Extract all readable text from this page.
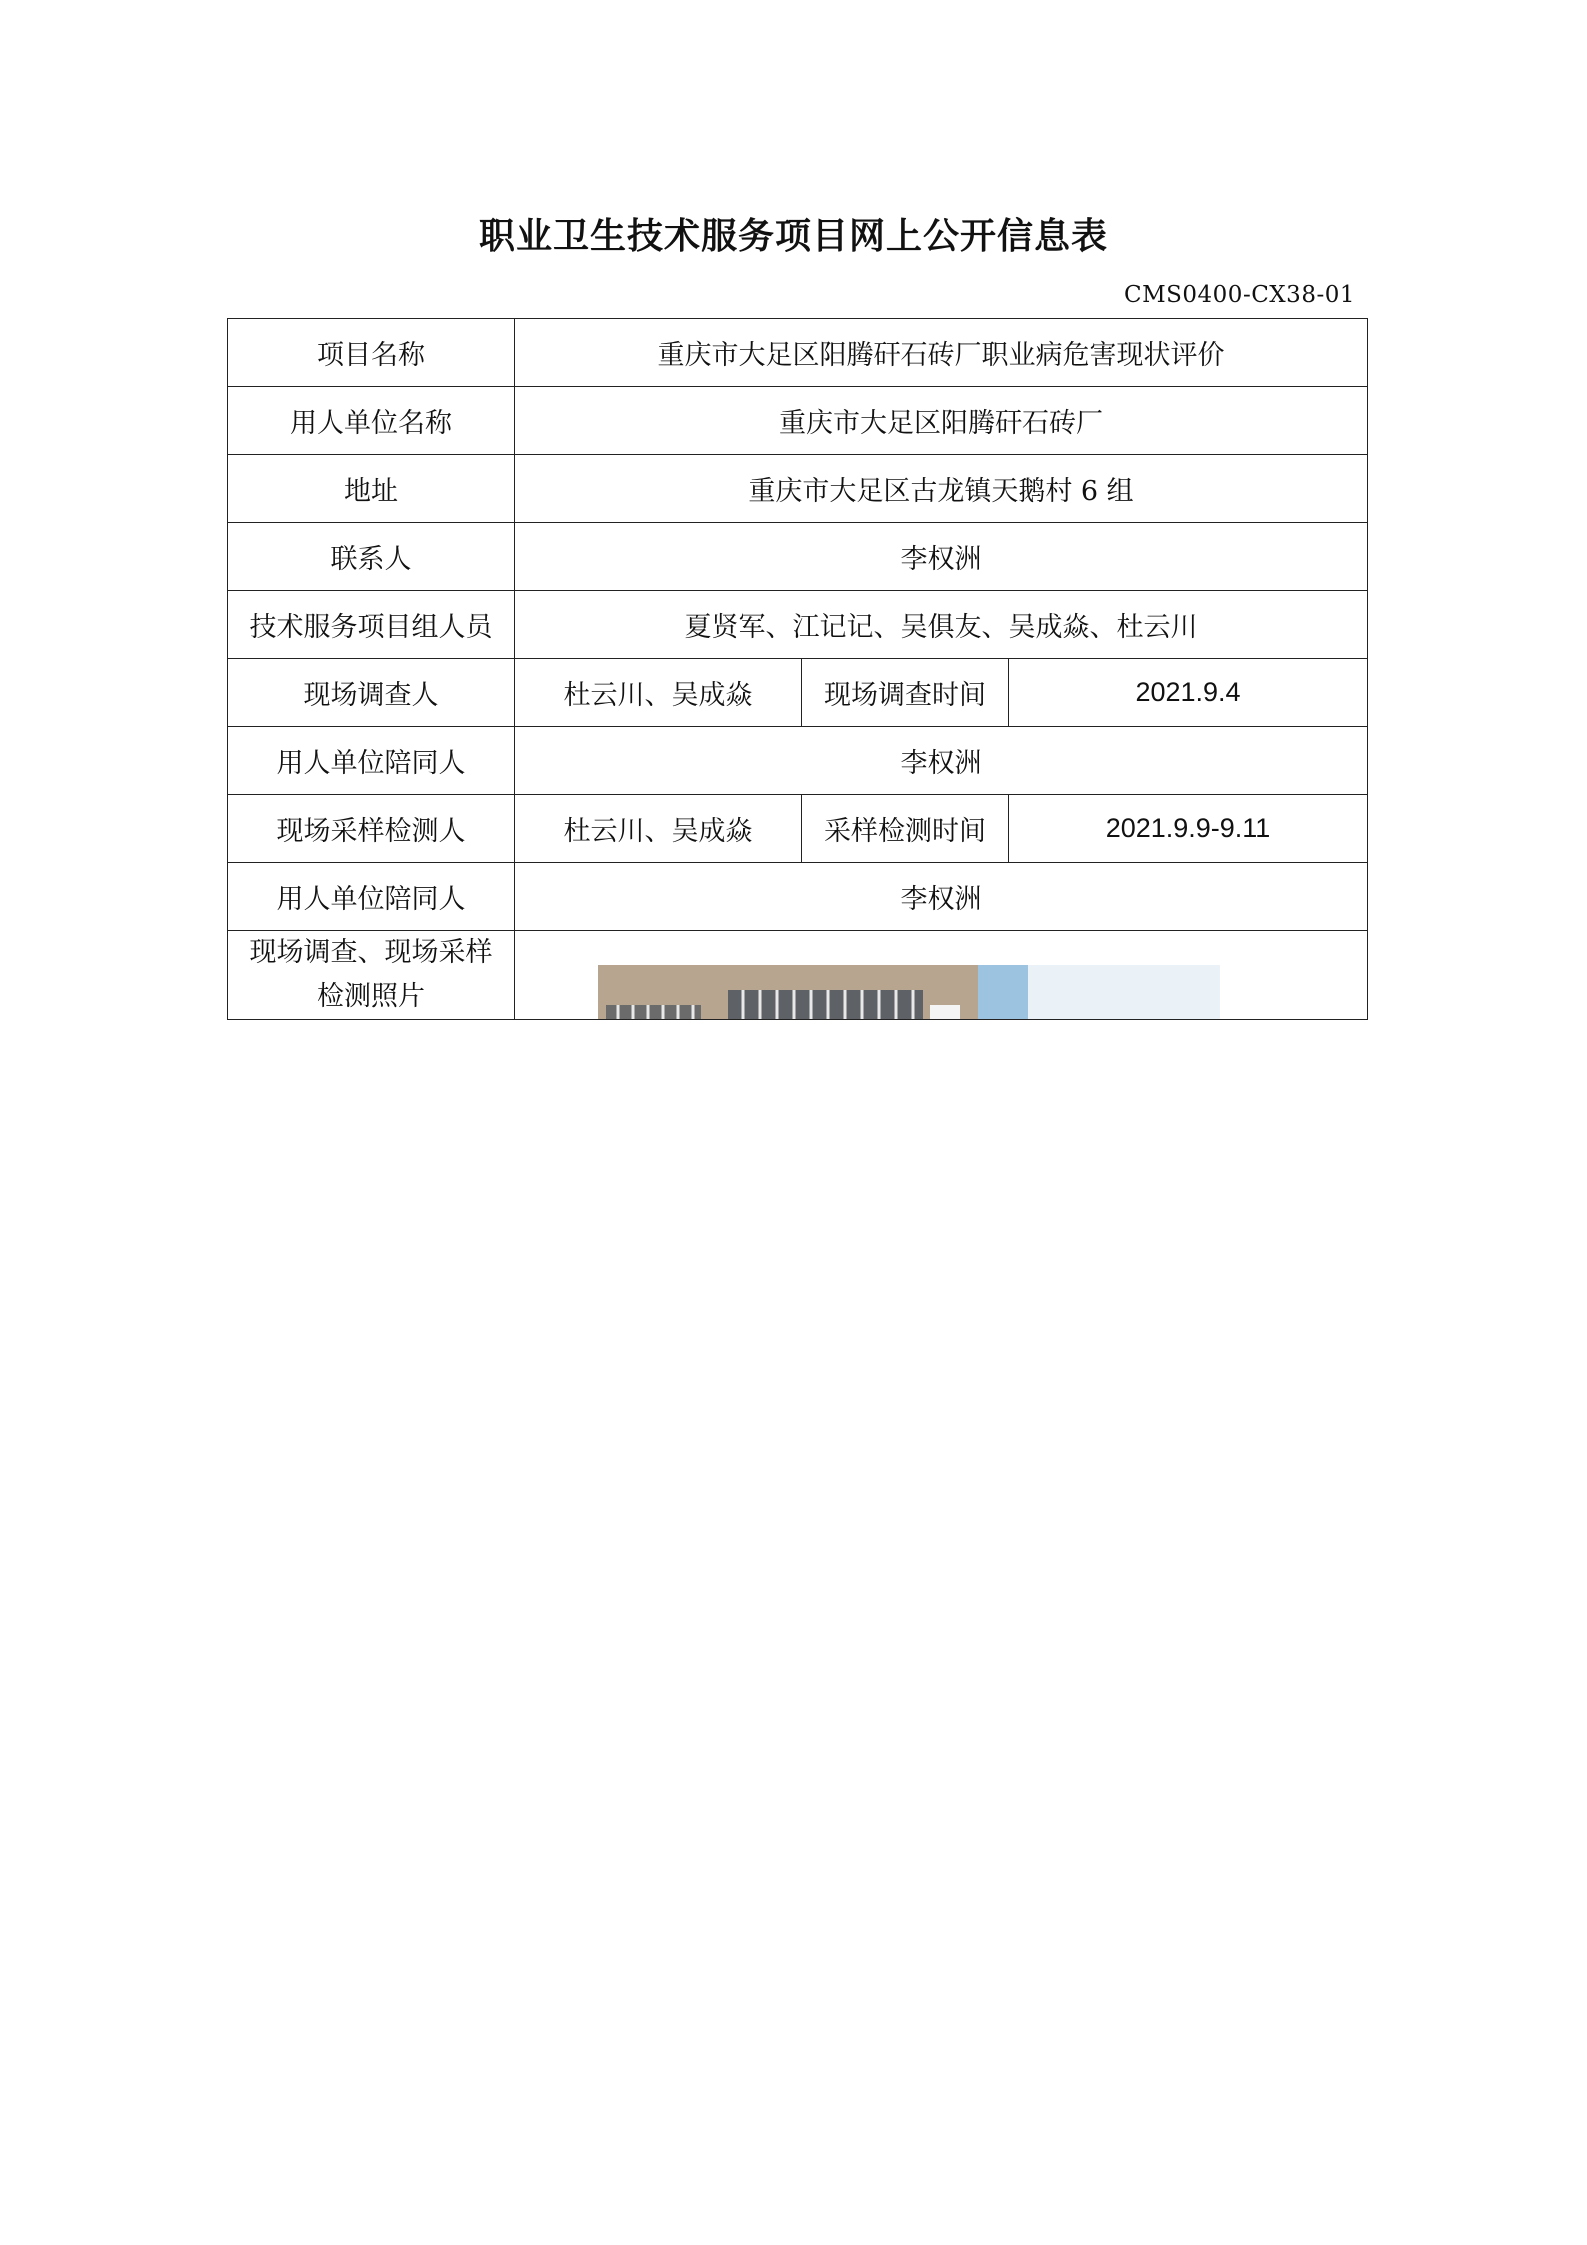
职业卫生技术服务项目网上公开信息表
CMS0400-CX38-01
项目名称	重庆市大足区阳腾矸石砖厂职业病危害现状评价		
用人单位名称	重庆市大足区阳腾矸石砖厂		
地址	重庆市大足区古龙镇天鹅村 6 组		
联系人	李权洲		
技术服务项目组人员	夏贤军、江记记、吴俱友、吴成焱、杜云川		
现场调查人	杜云川、吴成焱	现场调查时间	2021.9.4
用人单位陪同人	李权洲		
现场采样检测人	杜云川、吴成焱	采样检测时间	2021.9.9-9.11
用人单位陪同人	李权洲		
现场调查、现场采样
检测照片	
